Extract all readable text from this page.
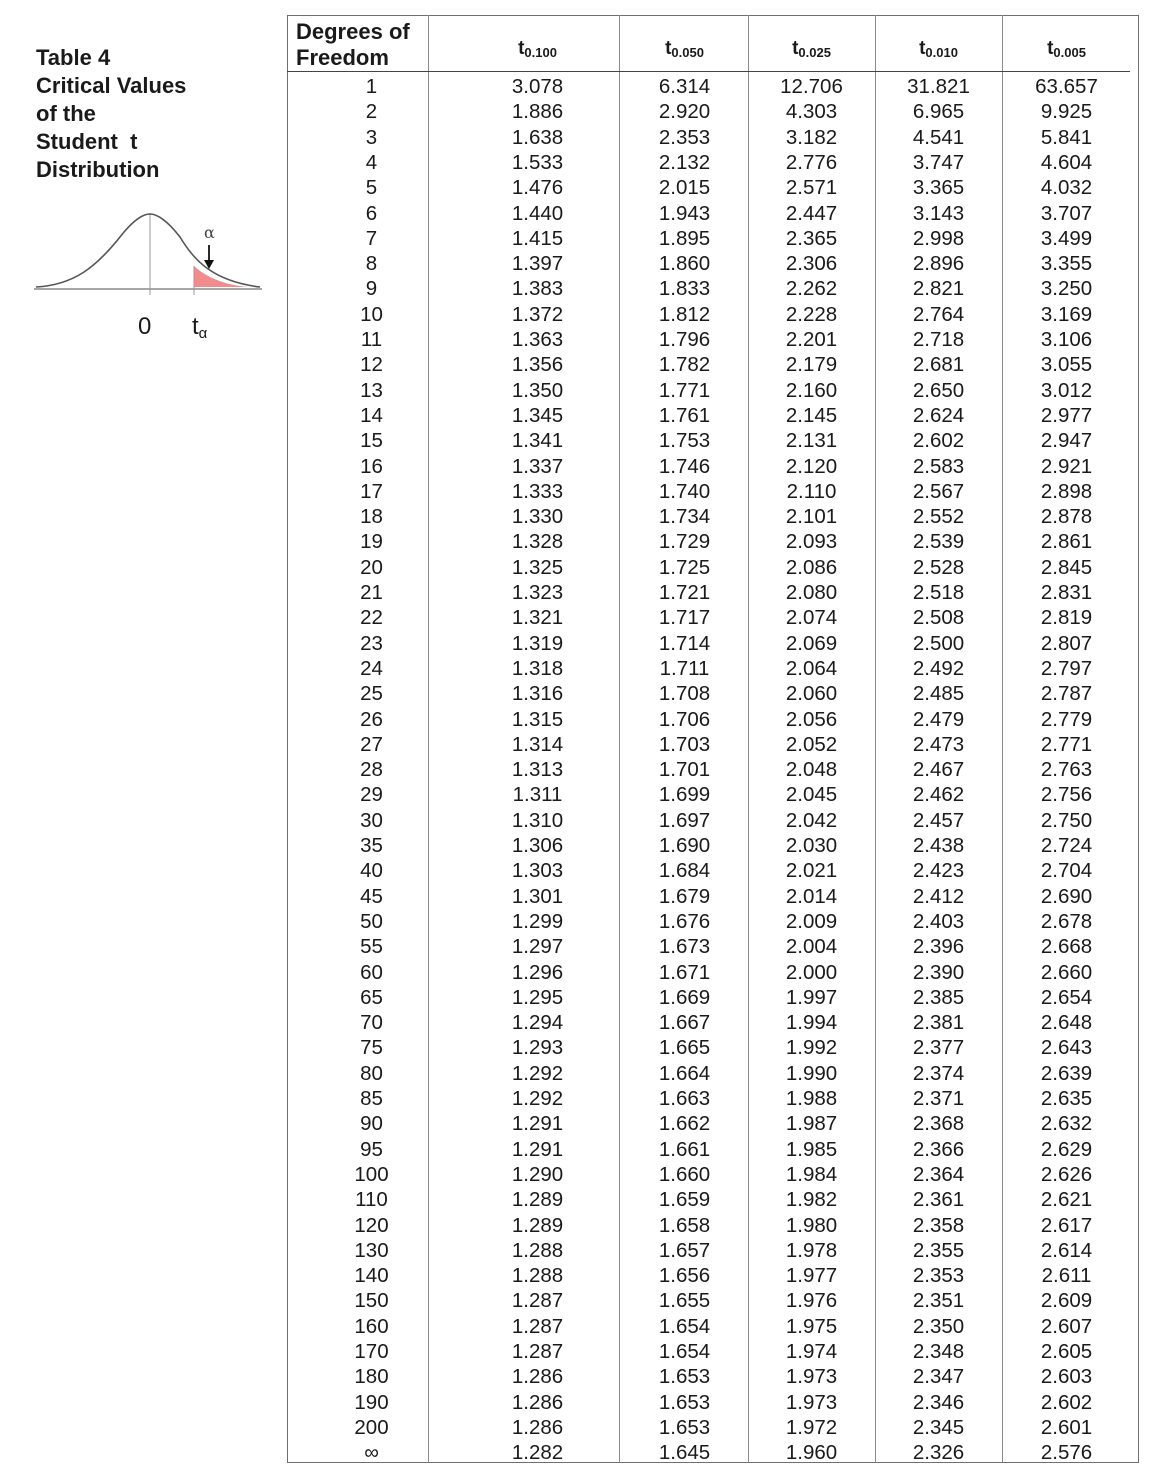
Table 4
Critical Values
of the
Student  t
Distribution
α
0 $t_\alpha$
Degrees of
Freedom	$t_{0.100}$	$t_{0.050}$	$t_{0.025}$	$t_{0.010}$	$t_{0.005}$
1	3.078	6.314	12.706	31.821	63.657
2	1.886	2.920	4.303	6.965	9.925
3	1.638	2.353	3.182	4.541	5.841
4	1.533	2.132	2.776	3.747	4.604
5	1.476	2.015	2.571	3.365	4.032
6	1.440	1.943	2.447	3.143	3.707
7	1.415	1.895	2.365	2.998	3.499
8	1.397	1.860	2.306	2.896	3.355
9	1.383	1.833	2.262	2.821	3.250
10	1.372	1.812	2.228	2.764	3.169
11	1.363	1.796	2.201	2.718	3.106
12	1.356	1.782	2.179	2.681	3.055
13	1.350	1.771	2.160	2.650	3.012
14	1.345	1.761	2.145	2.624	2.977
15	1.341	1.753	2.131	2.602	2.947
16	1.337	1.746	2.120	2.583	2.921
17	1.333	1.740	2.110	2.567	2.898
18	1.330	1.734	2.101	2.552	2.878
19	1.328	1.729	2.093	2.539	2.861
20	1.325	1.725	2.086	2.528	2.845
21	1.323	1.721	2.080	2.518	2.831
22	1.321	1.717	2.074	2.508	2.819
23	1.319	1.714	2.069	2.500	2.807
24	1.318	1.711	2.064	2.492	2.797
25	1.316	1.708	2.060	2.485	2.787
26	1.315	1.706	2.056	2.479	2.779
27	1.314	1.703	2.052	2.473	2.771
28	1.313	1.701	2.048	2.467	2.763
29	1.311	1.699	2.045	2.462	2.756
30	1.310	1.697	2.042	2.457	2.750
35	1.306	1.690	2.030	2.438	2.724
40	1.303	1.684	2.021	2.423	2.704
45	1.301	1.679	2.014	2.412	2.690
50	1.299	1.676	2.009	2.403	2.678
55	1.297	1.673	2.004	2.396	2.668
60	1.296	1.671	2.000	2.390	2.660
65	1.295	1.669	1.997	2.385	2.654
70	1.294	1.667	1.994	2.381	2.648
75	1.293	1.665	1.992	2.377	2.643
80	1.292	1.664	1.990	2.374	2.639
85	1.292	1.663	1.988	2.371	2.635
90	1.291	1.662	1.987	2.368	2.632
95	1.291	1.661	1.985	2.366	2.629
100	1.290	1.660	1.984	2.364	2.626
110	1.289	1.659	1.982	2.361	2.621
120	1.289	1.658	1.980	2.358	2.617
130	1.288	1.657	1.978	2.355	2.614
140	1.288	1.656	1.977	2.353	2.611
150	1.287	1.655	1.976	2.351	2.609
160	1.287	1.654	1.975	2.350	2.607
170	1.287	1.654	1.974	2.348	2.605
180	1.286	1.653	1.973	2.347	2.603
190	1.286	1.653	1.973	2.346	2.602
200	1.286	1.653	1.972	2.345	2.601
∞	1.282	1.645	1.960	2.326	2.576
